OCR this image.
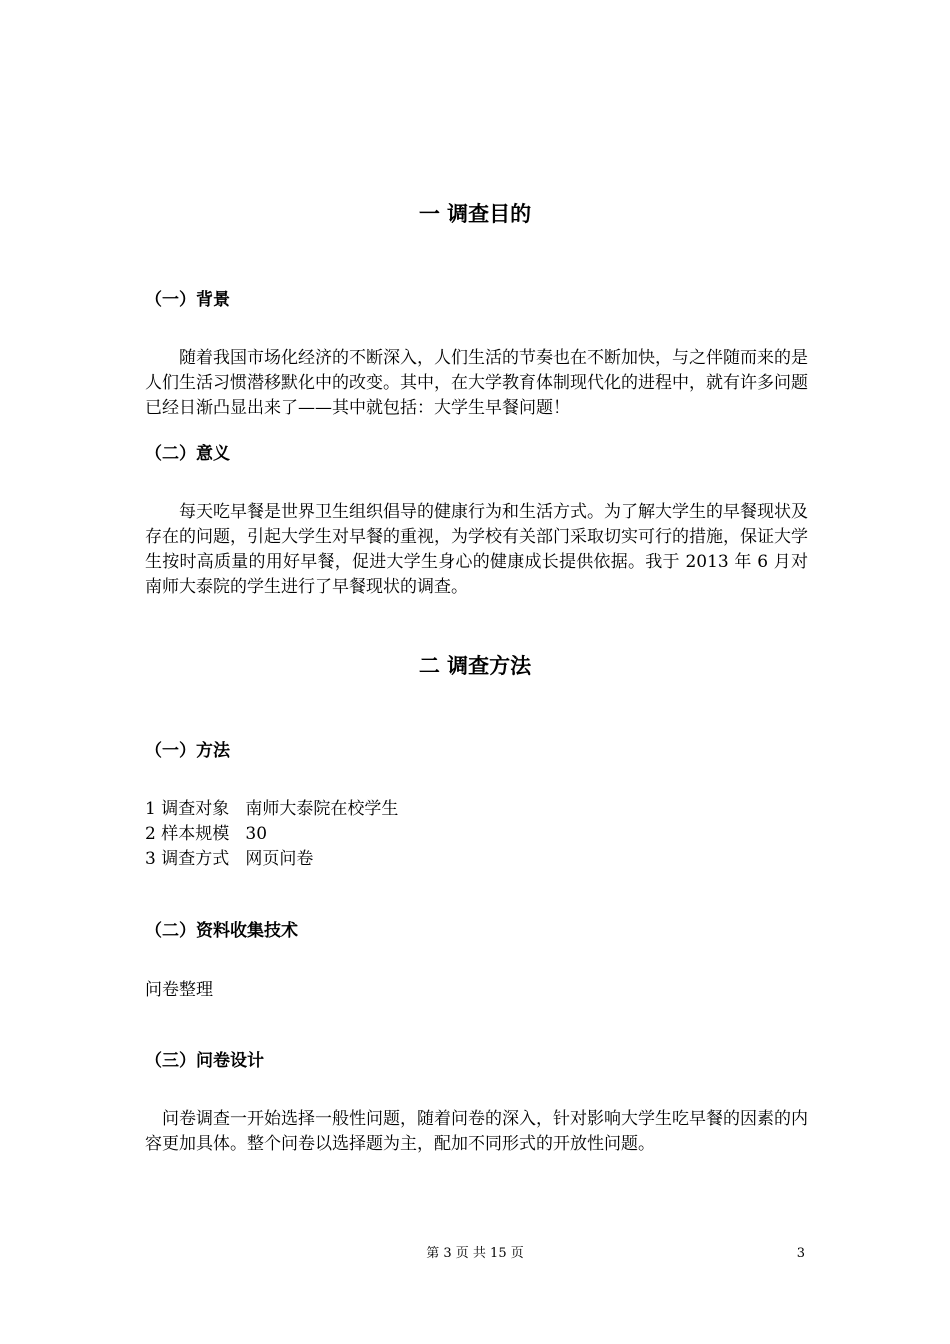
一 调查目的
（一）背景

随着我国市场化经济的不断深入，人们生活的节奏也在不断加快，与之伴随而来的是人们生活习惯潜移默化中的改变。其中，在大学教育体制现代化的进程中，就有许多问题已经日渐凸显出来了——其中就包括：大学生早餐问题！

（二）意义

每天吃早餐是世界卫生组织倡导的健康行为和生活方式。为了解大学生的早餐现状及存在的问题，引起大学生对早餐的重视，为学校有关部门采取切实可行的措施，保证大学生按时高质量的用好早餐，促进大学生身心的健康成长提供依据。我于 2013 年 6 月对南师大泰院的学生进行了早餐现状的调查。

二 调查方法
（一）方法
1 调查对象   南师大泰院在校学生
2 样本规模   30
3 调查方式   网页问卷
（二）资料收集技术

问卷整理

（三）问卷设计

问卷调查一开始选择一般性问题，随着问卷的深入，针对影响大学生吃早餐的因素的内容更加具体。整个问卷以选择题为主，配加不同形式的开放性问题。

第 3 页 共 15 页	3
